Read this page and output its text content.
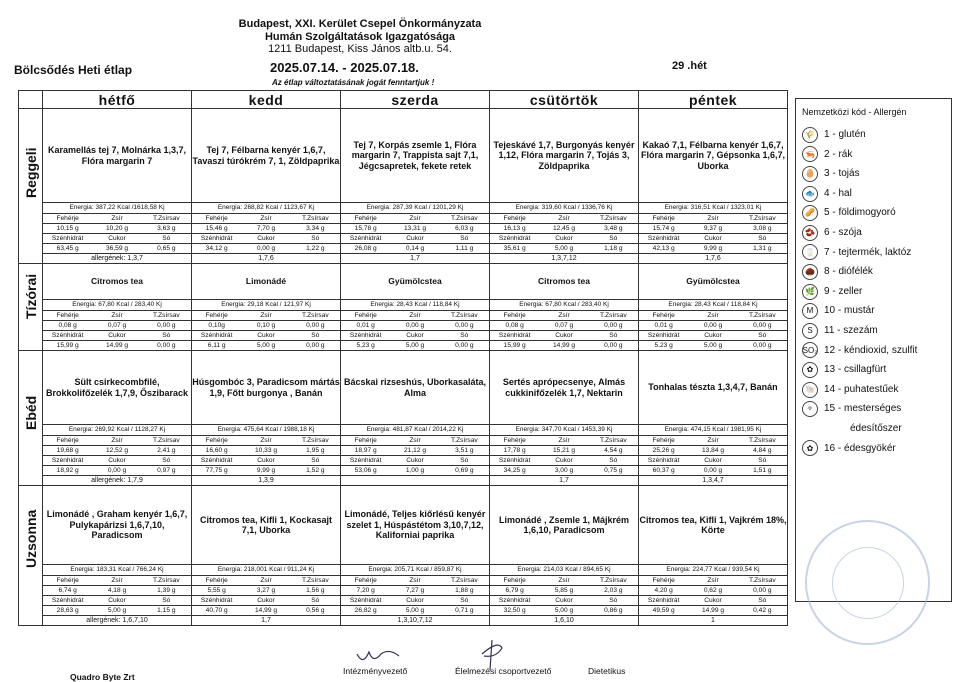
Budapest, XXI. Kerület Csepel Önkormányzata
Humán Szolgáltatások Igazgatósága
1211 Budapest, Kiss János altb.u. 54.
Bölcsődés Heti étlap	2025.07.14. - 2025.07.18.	29 .hét
Az étlap változtatásának jogát fenntartjuk !
	hétfő	kedd	szerda	csütörtök	péntek

Reggeli	Karamellás tej 7, Molnárka 1,3,7, Flóra margarin 7	Tej 7, Félbarna kenyér 1,6,7, Tavaszi túrókrém 7, 1, Zöldpaprika	Tej 7, Korpás zsemle 1, Flóra margarin 7, Trappista sajt 7,1, Jégcsapretek, fekete retek	Tejeskávé 1,7, Burgonyás kenyér 1,12, Flóra margarin 7, Tojás 3, Zöldpaprika	Kakaó 7,1, Félbarna kenyér 1,6,7, Flóra margarin 7, Gépsonka 1,6,7, Uborka
Energia: 387,22 Kcal /1618,58 Kj	Energia: 268,82 Kcal / 1123,67 Kj	Energia: 287,39 Kcal / 1201,29 Kj	Energia: 319,60 Kcal / 1336,76 Kj	Energia: 316,51 Kcal / 1323,01 Kj

Fehérje	Zsír	T.Zsírsav
10,15 g	10,20 g	3,63 g
Szénhidrát	Cukor	Só
63,45 g	36,59 g	0,65 g

Fehérje	Zsír	T.Zsírsav
15,46 g	7,70 g	3,34 g
Szénhidrát	Cukor	Só
34,12 g	0,00 g	1,22 g

Fehérje	Zsír	T.Zsírsav
15,78 g	13,31 g	6,03 g
Szénhidrát	Cukor	Só
26,08 g	0,14 g	1,11 g

Fehérje	Zsír	T.Zsírsav
16,13 g	12,45 g	3,48 g
Szénhidrát	Cukor	Só
35,61 g	5,00 g	1,18 g

Fehérje	Zsír	T.Zsírsav
15,74 g	9,37 g	3,08 g
Szénhidrát	Cukor	Só
42,13 g	9,99 g	1,31 g

allergének: 1,3,7	1,7,6	1,7	1,3,7,12	1,7,6

Tízórai	Citromos tea	Limonádé	Gyümölcstea	Citromos tea	Gyümölcstea
Energia: 67,80 Kcal / 283,40 Kj	Energia: 29,18 Kcal / 121,97 Kj	Energia: 28,43 Kcal / 118,84 Kj	Energia: 67,80 Kcal / 283,40 Kj	Energia: 28,43 Kcal / 118,84 Kj

Fehérje	Zsír	T.Zsírsav
0,08 g	0,07 g	0,00 g
Szénhidrát	Cukor	Só
15,99 g	14,99 g	0,00 g

Fehérje	Zsír	T.Zsírsav
0,10g	0,10 g	0,00 g
Szénhidrát	Cukor	Só
6,11 g	5,00 g	0,00 g

Fehérje	Zsír	T.Zsírsav
0,01 g	0,00 g	0,00 g
Szénhidrát	Cukor	Só
5,23 g	5,00 g	0,00 g

Fehérje	Zsír	T.Zsírsav
0,08 g	0,07 g	0,00 g
Szénhidrát	Cukor	Só
15,99 g	14,99 g	0,00 g

Fehérje	Zsír	T.Zsírsav
0,01 g	0,00 g	0,00 g
Szénhidrát	Cukor	Só
5,23 g	5,00 g	0,00 g

Ebéd
	Sült csirkecombfilé, Brokkolifőzelék 1,7,9, Őszibarack	Húsgombóc 3, Paradicsom mártás 1,9, Főtt burgonya , Banán	Bácskai rizseshús, Uborkasaláta, Alma	Sertés aprópecsenye, Almás cukkinifőzelék 1,7, Nektarin	Tonhalas tészta 1,3,4,7, Banán
Energia: 269,92 Kcal / 1128,27 Kj	Energia: 475,64 Kcal / 1988,18 Kj	Energia: 481,87 Kcal / 2014,22 Kj	Energia: 347,70 Kcal / 1453,39 Kj	Energia: 474,15 Kcal / 1981,95 Kj

Fehérje	Zsír	T.Zsírsav
19,68 g	12,52 g	2,41 g
Szénhidrát	Cukor	Só
18,92 g	0,00 g	0,97 g

Fehérje	Zsír	T.Zsírsav
16,60 g	10,33 g	1,95 g
Szénhidrát	Cukor	Só
77,75 g	9,99 g	1,52 g

Fehérje	Zsír	T.Zsírsav
18,97 g	21,12 g	3,51 g
Szénhidrát	Cukor	Só
53,06 g	1,00 g	0,69 g

Fehérje	Zsír	T.Zsírsav
17,78 g	15,21 g	4,54 g
Szénhidrát	Cukor	Só
34,25 g	3,00 g	0,75 g

Fehérje	Zsír	T.Zsírsav
25,26 g	13,84 g	4,84 g
Szénhidrát	Cukor	Só
60,37 g	0,00 g	1,51 g

allergének: 1,7,9	1,3,9		1,7	1,3,4,7

Uzsonna	Limonádé , Graham kenyér 1,6,7, Pulykapárizsi 1,6,7,10, Paradicsom	Citromos tea, Kifli 1, Kockasajt 7,1, Uborka	Limonádé, Teljes kiőrlésű kenyér szelet 1, Húspástétom 3,10,7,12, Kaliforniai paprika	Limonádé , Zsemle 1, Májkrém 1,6,10, Paradicsom	Citromos tea, Kifli 1, Vajkrém 18%, Körte
Energia: 183,31 Kcal / 766,24 Kj	Energia: 218,001 Kcal / 911,24 Kj	Energia: 205,71 Kcal / 859,87 Kj	Energia: 214,03 Kcal / 894,65 Kj	Energia: 224,77 Kcal / 939,54 Kj

Fehérje	Zsír	T.Zsírsav
6,74 g	4,18 g	1,39 g
Szénhidrát	Cukor	Só
28,63 g	5,00 g	1,15 g

Fehérje	Zsír	T.Zsírsav
5,55 g	3,27 g	1,56 g
Szénhidrát	Cukor	Só
40,70 g	14,99 g	0,56 g

Fehérje	Zsír	T.Zsírsav
7,20 g	7,27 g	1,88 g
Szénhidrát	Cukor	Só
26,82 g	5,00 g	0,71 g

Fehérje	Zsír	T.Zsírsav
6,79 g	5,85 g	2,03 g
Szénhidrát	Cukor	Só
32,50 g	5,00 g	0,86 g

Fehérje	Zsír	T.Zsírsav
4,20 g	0,62 g	0,00 g
Szénhidrát	Cukor	Só
49,59 g	14,99 g	0,42 g

allergének: 1,6,7,10	1,7	1,3,10,7,12	1,6,10	1
Nemzetközi kód - Allergén
🌾 1 - glutén
🦐 2 - rák
🥚 3 - tojás
🐟 4 - hal
🥜 5 - földimogyoró
🫘 6 - szója
🥛 7 - tejtermék, laktóz
🌰 8 - diófélék
🌿 9 - zeller
M	10 - mustár
S	11 - szezám
SO₂ 12 - kéndioxid, szulfit
✿	13 - csillagfürt
🐚 14 - puhatestűek
✧	15 - mesterséges
édesítőszer
✿	16 - édesgyökér
Quadro Byte Zrt
Intézményvezető	Élelmezési csoportvezető	Dietetikus
